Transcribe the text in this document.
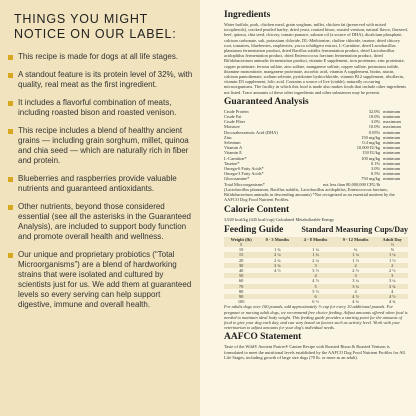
THINGS YOU MIGHT
NOTICE ON OUR LABEL:
This recipe is made for dogs at all life stages.
A standout feature is its protein level of 32%, with quality, real meat as the first ingredient.
It includes a flavorful combination of meats, including roasted bison and roasted venison.
This recipe includes a blend of healthy ancient grains — including grain sorghum, millet, quinoa and chia seed — which are naturally rich in fiber and protein.
Blueberries and raspberries provide valuable nutrients and guaranteed antioxidants.
Other nutrients, beyond those considered essential (see all the asterisks in the Guaranteed Analysis), are included to support body function and promote overall health and wellness.
Our unique and proprietary probiotics (“Total Microorganisms”) are a blend of hardworking strains that were isolated and cultured by scientists just for us. We add them at guaranteed levels so every serving can help support digestive, immune and overall health.
Ingredients
Water buffalo, pork, chicken meal, grain sorghum, millet, chicken fat (preserved with mixed tocopherols), cracked pearled barley, dried yeast, roasted bison, roasted venison, natural flavor, flaxseed, beef, quinoa, chia seed, chicory, tomato pomace, salmon oil (a source of DHA), dicalcium phosphate, calcium carbonate, salt, potassium chloride, DL-Methionine, choline chloride, taurine, dried chicory root, tomatoes, blueberries, raspberries, yucca schidigera extract, L-Carnitine, dried Lactobacillus plantarum fermentation product, dried Bacillus subtilis fermentation product, dried Lactobacillus acidophilus fermentation product, dried Enterococcus faecium fermentation product, dried Bifidobacterium animalis fermentation product, vitamin E supplement, iron proteinate, zinc proteinate, copper proteinate, ferrous sulfate, zinc sulfate, manganese sulfate, copper sulfate, potassium iodide, thiamine mononitrate, manganese proteinate, ascorbic acid, vitamin A supplement, biotin, niacin, calcium pantothenate, sodium selenite, pyridoxine hydrochloride, vitamin B12 supplement, riboflavin, vitamin D3 supplement, folic acid. Contains a source of live (viable), naturally occurring microorganisms. The facility in which this food is made also makes foods that include other ingredients not listed. Trace amounts of these other ingredients and other substances may be present.
Guaranteed Analysis
Crude Protein	32.0%	minimum
Crude Fat	18.0%	minimum
Crude Fiber	3.0%	maximum
Moisture	10.0%	maximum
Docosahexaenoic Acid (DHA)	0.05%	minimum
Zinc	150 mg/kg	minimum
Selenium	0.4 mg/kg	minimum
Vitamin A	10,000 IU/kg	minimum
Vitamin E	150 IU/kg	minimum
L-Carnitine*	100 mg/kg	minimum
Taurine*	0.1%	minimum
Omega-6 Fatty Acids*	3.0%	minimum
Omega-3 Fatty Acids*	0.5%	minimum
Glucosamine*	750 mg/kg	minimum
Total Microorganisms*	not less than 80,000,000 CFU/lb	
(Lactobacillus plantarum, Bacillus subtilis, Lactobacillus acidophilus, Enterococcus faecium, Bifidobacterium animalis in descending amounts) *Not recognized as an essential nutrient by the AAFCO Dog Food Nutrient Profiles.
Calorie Content
3,920 kcal/kg (445 kcal/cup) Calculated Metabolizable Energy
Feeding Guide Standard Measuring Cups/Day
Weight (lb)	0 - 3 Months	4 - 8 Months	9 - 12 Months	Adult Day
5				½
10	1 ¾	1 ¼	¾	⅞
15	2 ¼	1 ¾	1 ¼	1 ¼
20	2 ¾	2 ¼	1 ½	1 ½
30	3 ¾	3	2	2
40	4 ½	3 ½	2 ½	2 ½
50		4	3	3
60		4 ½	3 ¼	3 ¼
70		5	3 ¾	3 ¾
80		5 ½	4	4
90		6	4 ½	4 ½
100		6 ½	4 ¾	4 ¾
For adults dogs over 100 pounds, add approximately ½ cup for every 10 additional pounds. For pregnant or nursing adult dogs, we recommend free choice feeding. Adjust amounts offered when food is needed to maintain ideal body weight. This feeding guide provides a starting point for the amounts of food to give your dog each day, and can vary based on factors such as activity level. Work with your veterinarian to adjust amounts for your dog's individual needs.
AAFCO Statement
Taste of the Wild® Ancient Prairie® Canine Recipe with Roasted Bison & Roasted Venison is formulated to meet the nutritional levels established by the AAFCO Dog Food Nutrient Profiles for All Life Stages, including growth of large size dogs (70 lb. or more as an adult).
